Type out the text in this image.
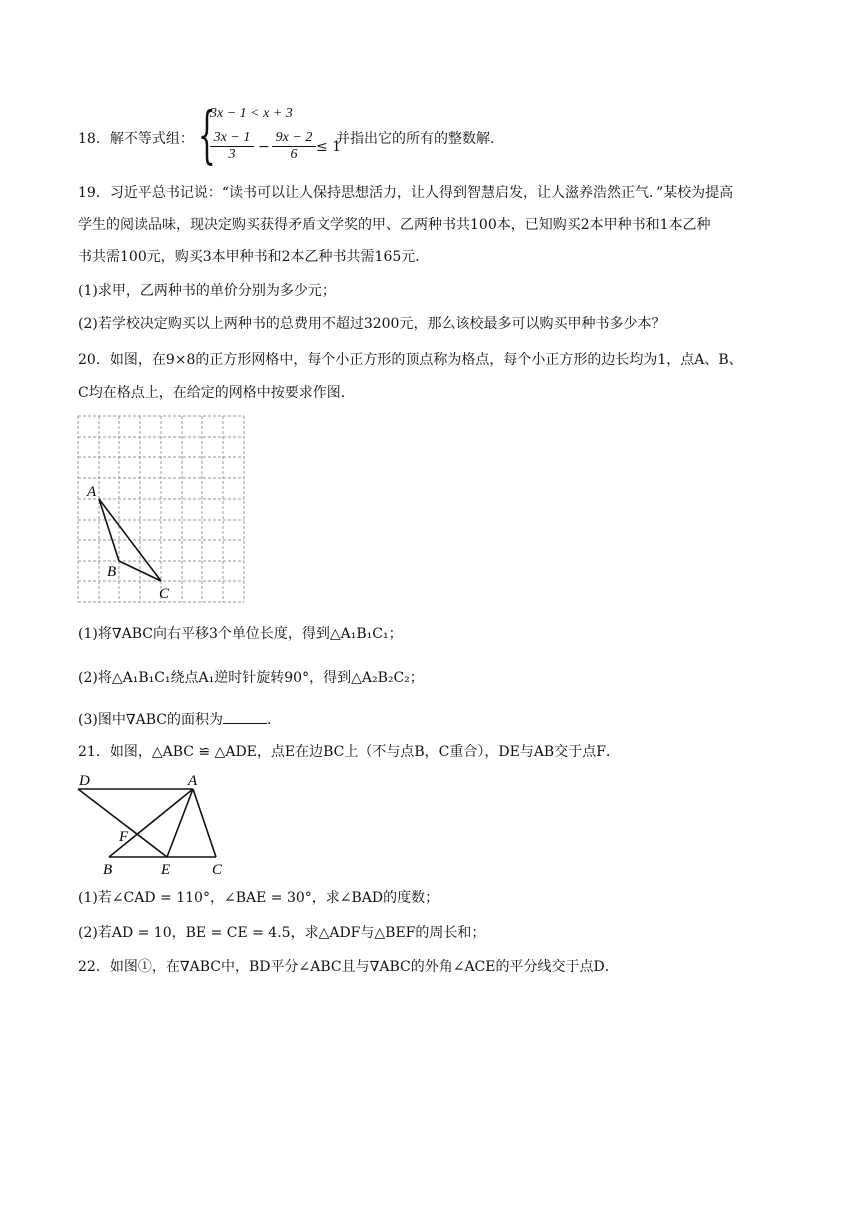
18．解不等式组： {
3x − 1 < x + 3
$\frac{3x - 1}{3} - \frac{9x - 2}{6} \le 1$
并指出它的所有的整数解.
19．习近平总书记说：“读书可以让人保持思想活力，让人得到智慧启发，让人滋养浩然正气．”某校为提高
学生的阅读品味，现决定购买获得矛盾文学奖的甲、乙两种书共100本，已知购买2本甲种书和1本乙种
书共需100元，购买3本甲种书和2本乙种书共需165元．
(1)求甲，乙两种书的单价分别为多少元；
(2)若学校决定购买以上两种书的总费用不超过3200元，那么该校最多可以购买甲种书多少本？
20．如图，在9×8的正方形网格中，每个小正方形的顶点称为格点，每个小正方形的边长均为1，点A、B、
C均在格点上，在给定的网格中按要求作图．
A
B
C
(1)将∇ABC向右平移3个单位长度，得到△A₁B₁C₁；
(2)将△A₁B₁C₁绕点A₁逆时针旋转90°，得到△A₂B₂C₂；
(3)图中∇ABC的面积为	.
21．如图，△ABC ≌ △ADE，点E在边BC上（不与点B，C重合），DE与AB交于点F．
D	A
F
B	E	C
(1)若∠CAD = 110°，∠BAE = 30°，求∠BAD的度数；
(2)若AD = 10，BE = CE = 4.5，求△ADF与△BEF的周长和；
22．如图①，在∇ABC中，BD平分∠ABC且与∇ABC的外角∠ACE的平分线交于点D．
